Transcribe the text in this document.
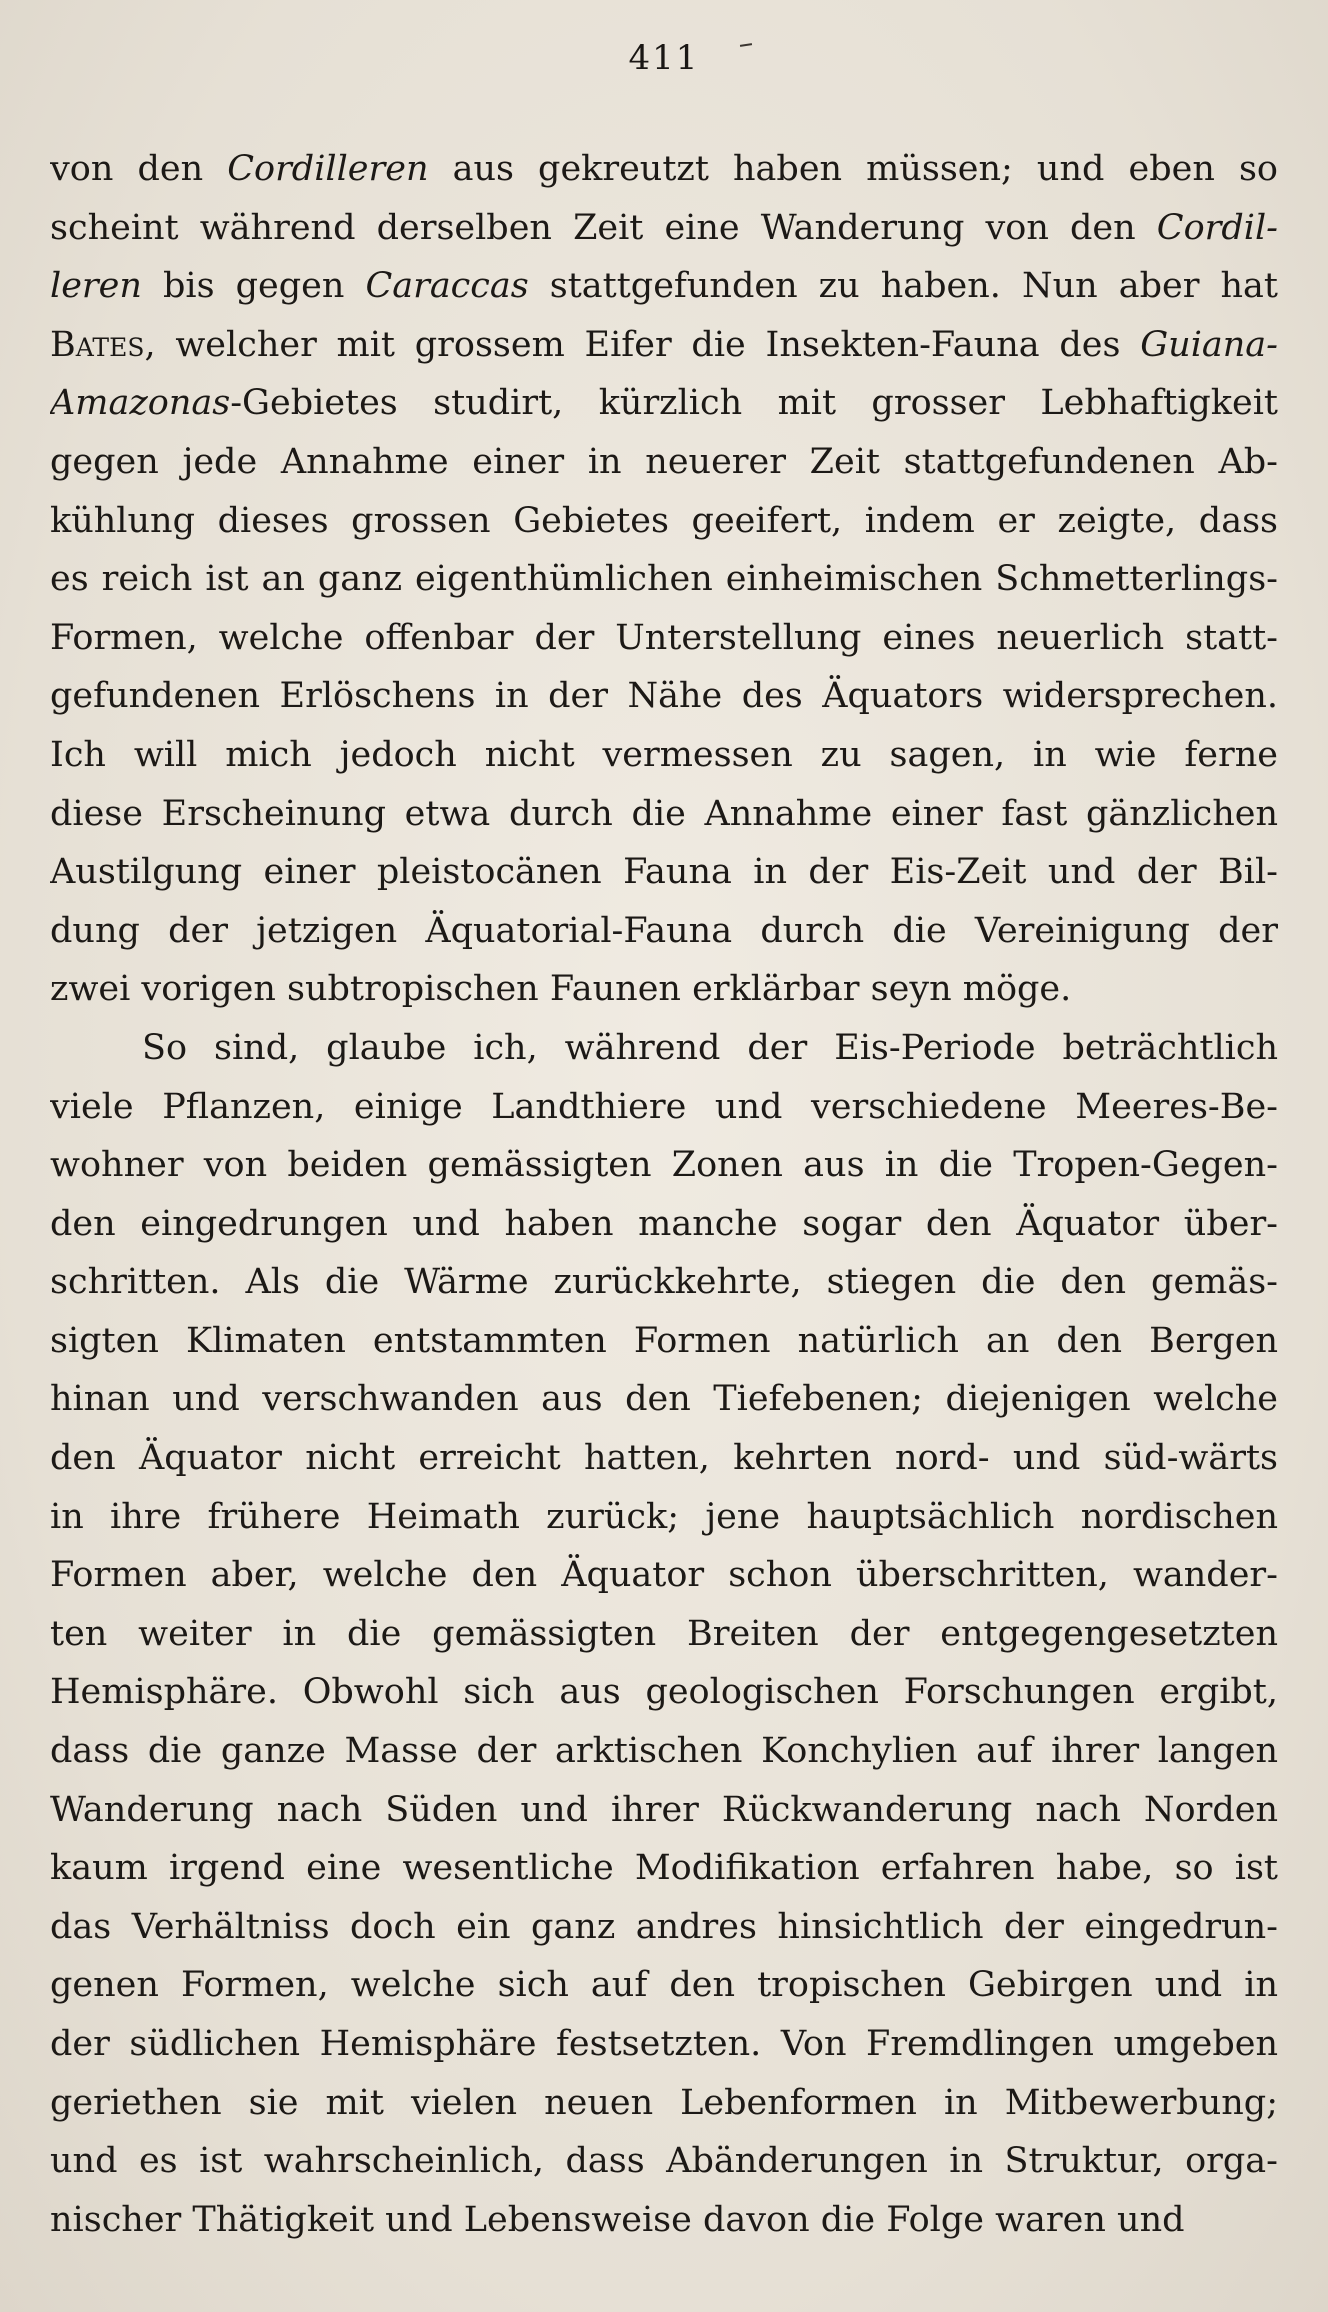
411
von den Cordilleren aus gekreutzt haben müssen; und eben so
scheint während derselben Zeit eine Wanderung von den Cordil-
leren bis gegen Caraccas stattgefunden zu haben. Nun aber hat
Bates, welcher mit grossem Eifer die Insekten-Fauna des Guiana-
Amazonas-Gebietes studirt, kürzlich mit grosser Lebhaftigkeit
gegen jede Annahme einer in neuerer Zeit stattgefundenen Ab-
kühlung dieses grossen Gebietes geeifert, indem er zeigte, dass
es reich ist an ganz eigenthümlichen einheimischen Schmetterlings-
Formen, welche offenbar der Unterstellung eines neuerlich statt-
gefundenen Erlöschens in der Nähe des Äquators widersprechen.
Ich will mich jedoch nicht vermessen zu sagen, in wie ferne
diese Erscheinung etwa durch die Annahme einer fast gänzlichen
Austilgung einer pleistocänen Fauna in der Eis-Zeit und der Bil-
dung der jetzigen Äquatorial-Fauna durch die Vereinigung der
zwei vorigen subtropischen Faunen erklärbar seyn möge.
So sind, glaube ich, während der Eis-Periode beträchtlich
viele Pflanzen, einige Landthiere und verschiedene Meeres-Be-
wohner von beiden gemässigten Zonen aus in die Tropen-Gegen-
den eingedrungen und haben manche sogar den Äquator über-
schritten. Als die Wärme zurückkehrte, stiegen die den gemäs-
sigten Klimaten entstammten Formen natürlich an den Bergen
hinan und verschwanden aus den Tiefebenen; diejenigen welche
den Äquator nicht erreicht hatten, kehrten nord- und süd-wärts
in ihre frühere Heimath zurück; jene hauptsächlich nordischen
Formen aber, welche den Äquator schon überschritten, wander-
ten weiter in die gemässigten Breiten der entgegengesetzten
Hemisphäre. Obwohl sich aus geologischen Forschungen ergibt,
dass die ganze Masse der arktischen Konchylien auf ihrer langen
Wanderung nach Süden und ihrer Rückwanderung nach Norden
kaum irgend eine wesentliche Modifikation erfahren habe, so ist
das Verhältniss doch ein ganz andres hinsichtlich der eingedrun-
genen Formen, welche sich auf den tropischen Gebirgen und in
der südlichen Hemisphäre festsetzten. Von Fremdlingen umgeben
geriethen sie mit vielen neuen Lebenformen in Mitbewerbung;
und es ist wahrscheinlich, dass Abänderungen in Struktur, orga-
nischer Thätigkeit und Lebensweise davon die Folge waren und
